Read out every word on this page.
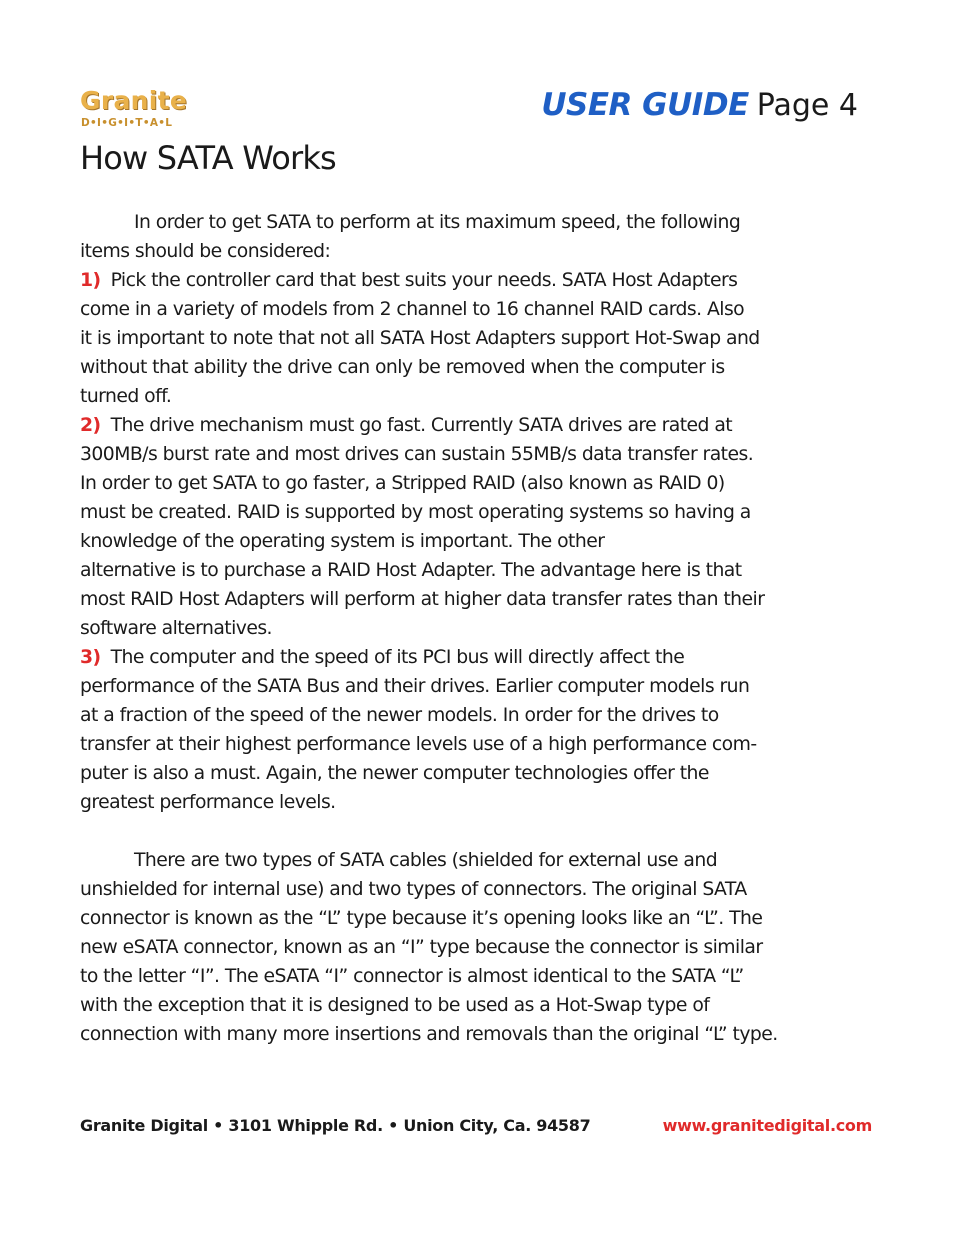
Granite
D•I•G•I•T•A•L	USER GUIDE Page 4
How SATA Works
In order to get SATA to perform at its maximum speed, the following
items should be considered:
1) Pick the controller card that best suits your needs. SATA Host Adapters
come in a variety of models from 2 channel to 16 channel RAID cards. Also
it is important to note that not all SATA Host Adapters support Hot-Swap and
without that ability the drive can only be removed when the computer is
turned off.
2) The drive mechanism must go fast. Currently SATA drives are rated at
300MB/s burst rate and most drives can sustain 55MB/s data transfer rates.
In order to get SATA to go faster, a Stripped RAID (also known as RAID 0)
must be created. RAID is supported by most operating systems so having a
knowledge of the operating system is important. The other
alternative is to purchase a RAID Host Adapter. The advantage here is that
most RAID Host Adapters will perform at higher data transfer rates than their
software alternatives.
3) The computer and the speed of its PCI bus will directly affect the
performance of the SATA Bus and their drives. Earlier computer models run
at a fraction of the speed of the newer models. In order for the drives to
transfer at their highest performance levels use of a high performance com-
puter is also a must. Again, the newer computer technologies offer the
greatest performance levels.
There are two types of SATA cables (shielded for external use and
unshielded for internal use) and two types of connectors. The original SATA
connector is known as the “L” type because it’s opening looks like an “L”. The
new eSATA connector, known as an “I” type because the connector is similar
to the letter “I”. The eSATA “I” connector is almost identical to the SATA “L”
with the exception that it is designed to be used as a Hot-Swap type of
connection with many more insertions and removals than the original “L” type.
Granite Digital • 3101 Whipple Rd. • Union City, Ca. 94587	www.granitedigital.com
